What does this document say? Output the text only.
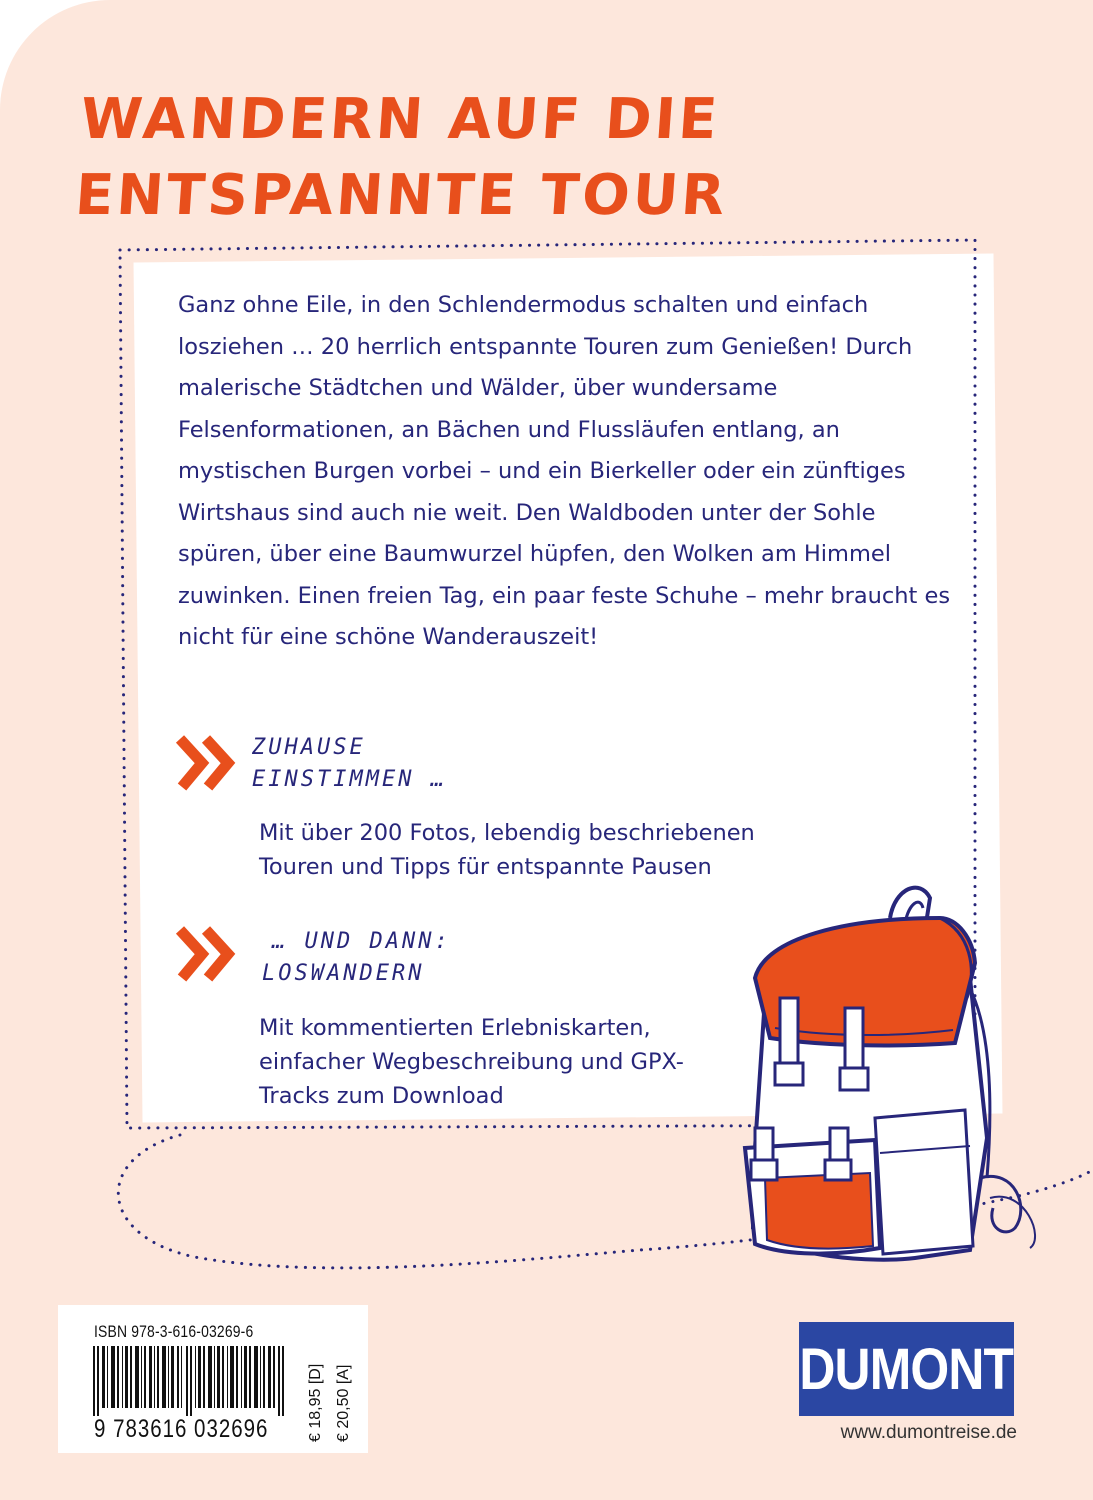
WANDERN AUF DIE
ENTSPANNTE TOUR

Ganz ohne Eile, in den Schlendermodus schalten und einfach losziehen … 20 herrlich entspannte Touren zum Genießen! Durch malerische Städtchen und Wälder, über wundersame Felsenformationen, an Bächen und Flussläufen entlang, an mystischen Burgen vorbei – und ein Bierkeller oder ein zünftiges Wirtshaus sind auch nie weit. Den Waldboden unter der Sohle spüren, über eine Baumwurzel hüpfen, den Wolken am Himmel zuwinken. Einen freien Tag, ein paar feste Schuhe – mehr braucht es nicht für eine schöne Wanderauszeit!

ZUHAUSE
EINSTIMMEN …

Mit über 200 Fotos, lebendig beschriebenen Touren und Tipps für entspannte Pausen

… UND DANN:
LOSWANDERN

Mit kommentierten Erlebniskarten, einfacher Wegbeschreibung und GPX-Tracks zum Download

ISBN 978-3-616-03269-6
9 783616 032696	€ 18,95 [D] € 20,50 [A]	DUMONT
www.dumontreise.de
